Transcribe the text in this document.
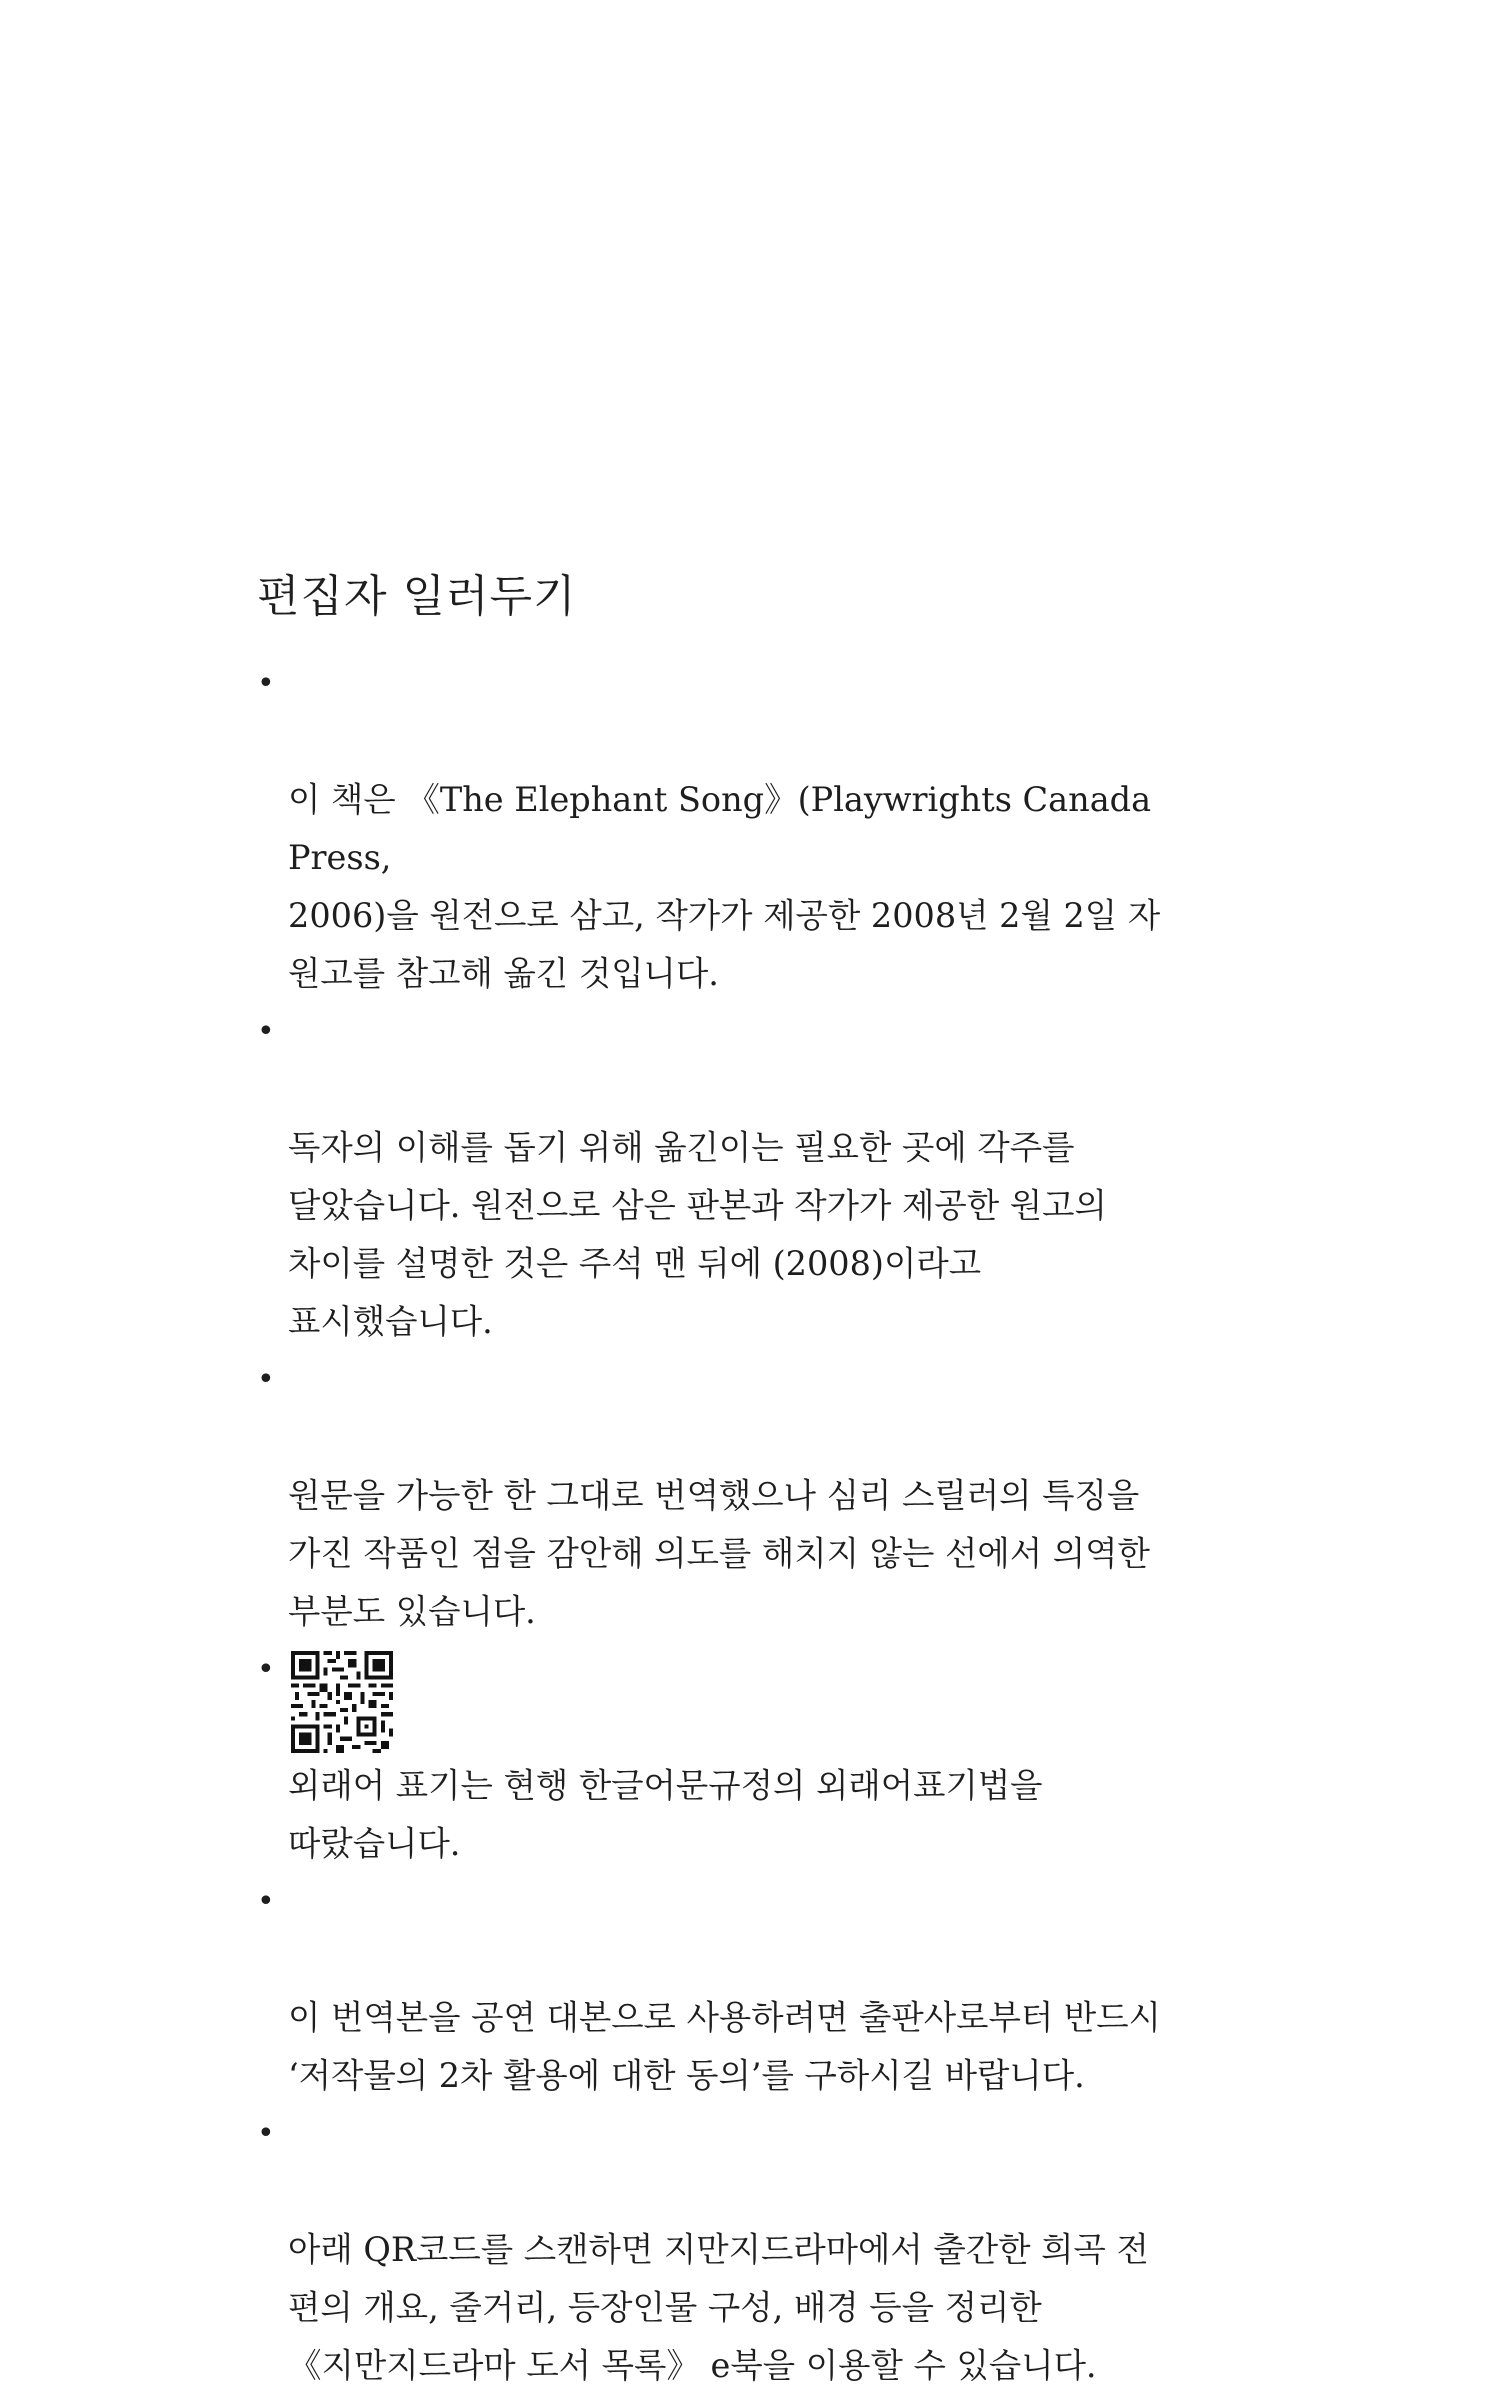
편집자 일러두기

•

이 책은 《The Elephant Song》(Playwrights Canada Press,
2006)을 원전으로 삼고, 작가가 제공한 2008년 2월 2일 자
원고를 참고해 옮긴 것입니다.

•

독자의 이해를 돕기 위해 옮긴이는 필요한 곳에 각주를
달았습니다. 원전으로 삼은 판본과 작가가 제공한 원고의
차이를 설명한 것은 주석 맨 뒤에 (2008)이라고
표시했습니다.

•

원문을 가능한 한 그대로 번역했으나 심리 스릴러의 특징을
가진 작품인 점을 감안해 의도를 해치지 않는 선에서 의역한
부분도 있습니다.

•

외래어 표기는 현행 한글어문규정의 외래어표기법을
따랐습니다.

•

이 번역본을 공연 대본으로 사용하려면 출판사로부터 반드시
‘저작물의 2차 활용에 대한 동의’를 구하시길 바랍니다.

•

아래 QR코드를 스캔하면 지만지드라마에서 출간한 희곡 전
편의 개요, 줄거리, 등장인물 구성, 배경 등을 정리한
《지만지드라마 도서 목록》 e북을 이용할 수 있습니다.
